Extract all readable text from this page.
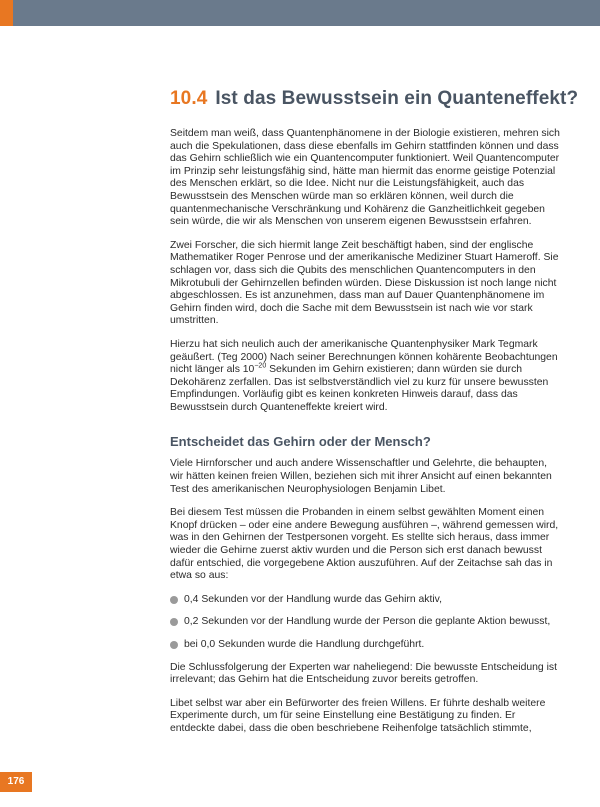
10.4 Ist das Bewusstsein ein Quanteneffekt?

Seitdem man weiß, dass Quantenphänomene in der Biologie existieren, mehren sich auch die Spekulationen, dass diese ebenfalls im Gehirn stattfinden können und dass das Gehirn schließlich wie ein Quantencomputer funktioniert. Weil Quantencomputer im Prinzip sehr leistungsfähig sind, hätte man hiermit das enorme geistige Potenzial des Menschen erklärt, so die Idee. Nicht nur die Leistungsfähigkeit, auch das Bewusstsein des Menschen würde man so erklären können, weil durch die quantenmechanische Verschränkung und Kohärenz die Ganzheitlichkeit gegeben sein würde, die wir als Menschen von unserem eigenen Bewusstsein erfahren.

Zwei Forscher, die sich hiermit lange Zeit beschäftigt haben, sind der englische Mathematiker Roger Penrose und der amerikanische Mediziner Stuart Hameroff. Sie schlagen vor, dass sich die Qubits des menschlichen Quantencomputers in den Mikrotubuli der Gehirnzellen befinden würden. Diese Diskussion ist noch lange nicht abgeschlossen. Es ist anzunehmen, dass man auf Dauer Quantenphänomene im Gehirn finden wird, doch die Sache mit dem Bewusstsein ist nach wie vor stark umstritten.

Hierzu hat sich neulich auch der amerikanische Quantenphysiker Mark Tegmark geäußert. (Teg 2000) Nach seiner Berechnungen können kohärente Beobachtungen nicht länger als $10^{-20}$ Sekunden im Gehirn existieren; dann würden sie durch Dekohärenz zerfallen. Das ist selbstverständlich viel zu kurz für unsere bewussten Empfindungen. Vorläufig gibt es keinen konkreten Hinweis darauf, dass das Bewusstsein durch Quanteneffekte kreiert wird.

Entscheidet das Gehirn oder der Mensch?

Viele Hirnforscher und auch andere Wissenschaftler und Gelehrte, die behaupten, wir hätten keinen freien Willen, beziehen sich mit ihrer Ansicht auf einen bekannten Test des amerikanischen Neurophysiologen Benjamin Libet.

Bei diesem Test müssen die Probanden in einem selbst gewählten Moment einen Knopf drücken – oder eine andere Bewegung ausführen –, während gemessen wird, was in den Gehirnen der Testpersonen vorgeht. Es stellte sich heraus, dass immer wieder die Gehirne zuerst aktiv wurden und die Person sich erst danach bewusst dafür entschied, die vorgegebene Aktion auszuführen. Auf der Zeitachse sah das in etwa so aus:

0,4 Sekunden vor der Handlung wurde das Gehirn aktiv,
0,2 Sekunden vor der Handlung wurde der Person die geplante Aktion bewusst,
bei 0,0 Sekunden wurde die Handlung durchgeführt.

Die Schlussfolgerung der Experten war naheliegend: Die bewusste Entscheidung ist irrelevant; das Gehirn hat die Entscheidung zuvor bereits getroffen.

Libet selbst war aber ein Befürworter des freien Willens. Er führte deshalb weitere Experimente durch, um für seine Einstellung eine Bestätigung zu finden. Er entdeckte dabei, dass die oben beschriebene Reihenfolge tatsächlich stimmte,

176
